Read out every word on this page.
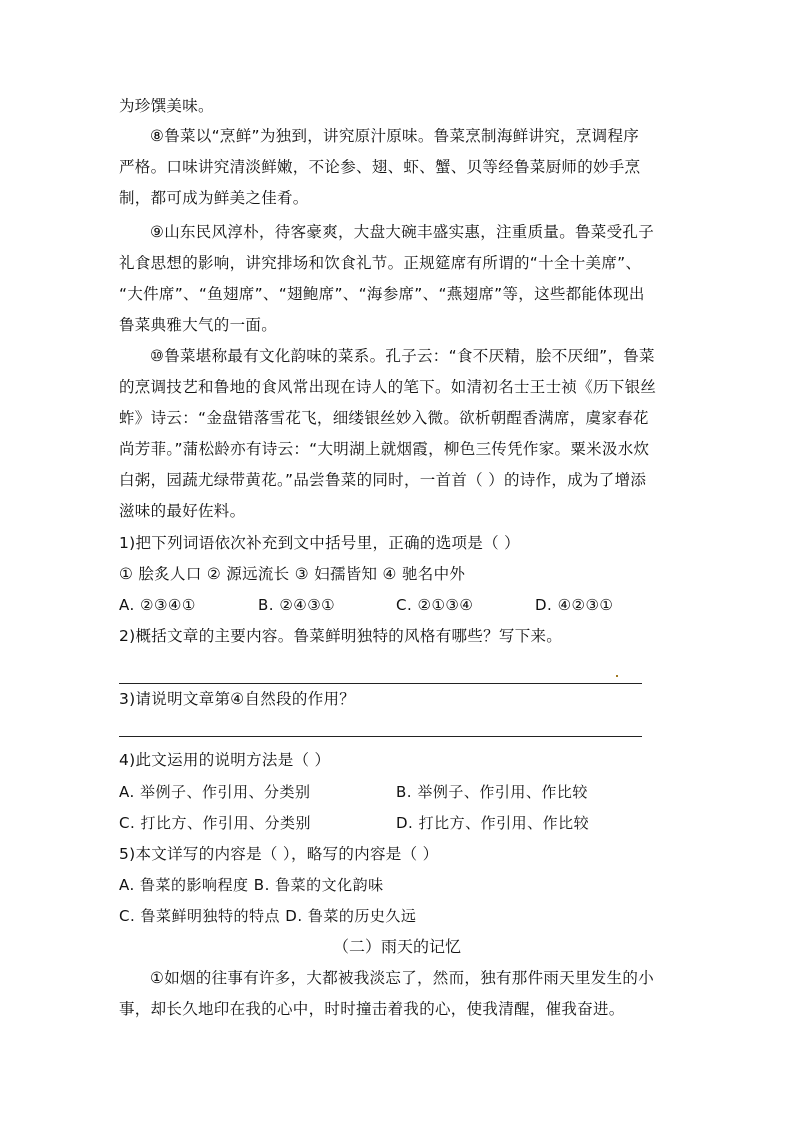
为珍馔美味。
⑧鲁菜以“烹鲜”为独到，讲究原汁原味。鲁菜烹制海鲜讲究，烹调程序
严格。口味讲究清淡鲜嫩，不论参、翅、虾、蟹、贝等经鲁菜厨师的妙手烹
制，都可成为鲜美之佳肴。
⑨山东民风淳朴，待客豪爽，大盘大碗丰盛实惠，注重质量。鲁菜受孔子
礼食思想的影响，讲究排场和饮食礼节。正规筵席有所谓的“十全十美席”、
“大件席”、“鱼翅席”、“翅鲍席”、“海参席”、“燕翅席”等，这些都能体现出
鲁菜典雅大气的一面。
⑩鲁菜堪称最有文化韵味的菜系。孔子云：“食不厌精，脍不厌细”，鲁菜
的烹调技艺和鲁地的食风常出现在诗人的笔下。如清初名士王士祯《历下银丝
蚱》诗云：“金盘错落雪花飞，细缕银丝妙入微。欲析朝酲香满席，虞家春花
尚芳菲。”蒲松龄亦有诗云：“大明湖上就烟霞，柳色三传凭作家。粟米汲水炊
白粥，园蔬尤绿带黄花。”品尝鲁菜的同时，一首首（ ）的诗作，成为了增添
滋味的最好佐料。
1)把下列词语依次补充到文中括号里，正确的选项是（ ）
① 脍炙人口 ② 源远流长 ③ 妇孺皆知 ④ 驰名中外
A. ②③④①	B. ②④③①	C. ②①③④	D. ④②③①
2)概括文章的主要内容。鲁菜鲜明独特的风格有哪些？写下来。
3)请说明文章第④自然段的作用？
4)此文运用的说明方法是（ ）
A. 举例子、作引用、分类别	B. 举例子、作引用、作比较
C. 打比方、作引用、分类别	D. 打比方、作引用、作比较
5)本文详写的内容是（ ），略写的内容是（ ）
A. 鲁菜的影响程度 B. 鲁菜的文化韵味
C. 鲁菜鲜明独特的特点 D. 鲁菜的历史久远
（二）雨天的记忆
①如烟的往事有许多，大都被我淡忘了，然而，独有那件雨天里发生的小
事，却长久地印在我的心中，时时撞击着我的心，使我清醒，催我奋进。
